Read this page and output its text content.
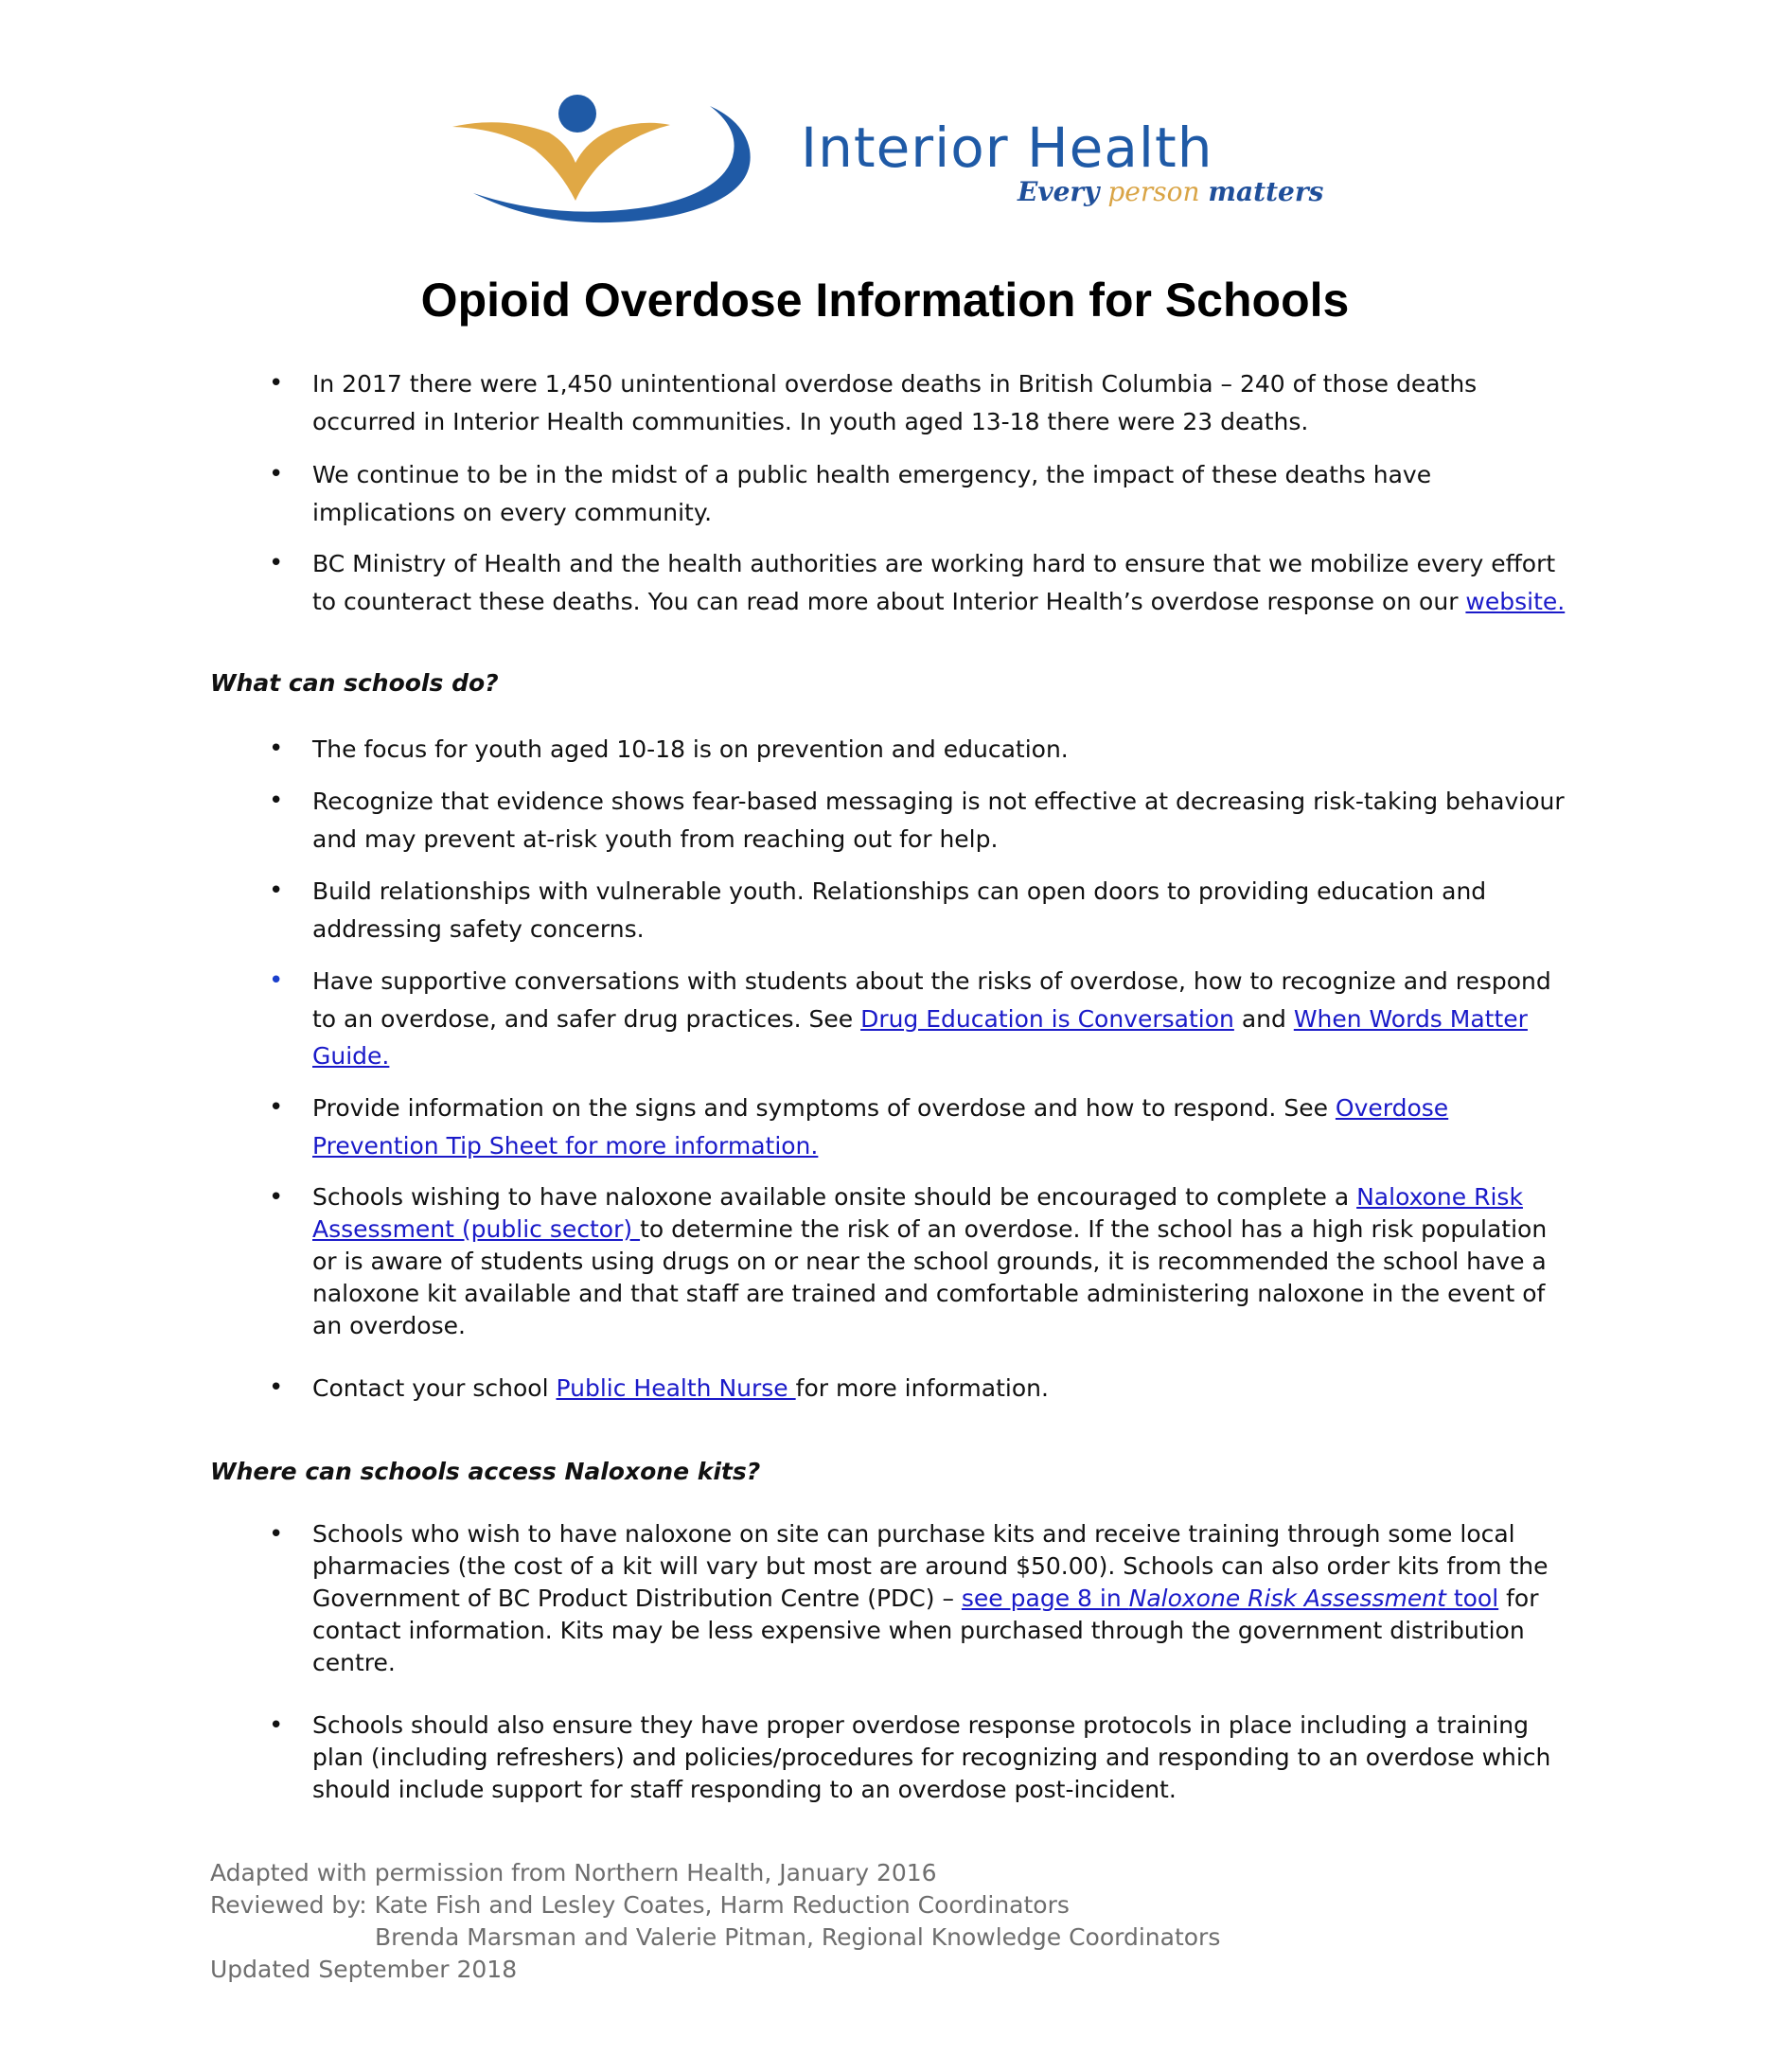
Interior Health
Every person matters
Opioid Overdose Information for Schools
• In 2017 there were 1,450 unintentional overdose deaths in British Columbia – 240 of those deaths occurred in Interior Health communities. In youth aged 13-18 there were 23 deaths.
• We continue to be in the midst of a public health emergency, the impact of these deaths have implications on every community.
• BC Ministry of Health and the health authorities are working hard to ensure that we mobilize every effort to counteract these deaths. You can read more about Interior Health’s overdose response on our website.
What can schools do?
• The focus for youth aged 10-18 is on prevention and education.
• Recognize that evidence shows fear-based messaging is not effective at decreasing risk-taking behaviour and may prevent at-risk youth from reaching out for help.
• Build relationships with vulnerable youth. Relationships can open doors to providing education and addressing safety concerns.
• Have supportive conversations with students about the risks of overdose, how to recognize and respond to an overdose, and safer drug practices. See Drug Education is Conversation and When Words Matter Guide.
• Provide information on the signs and symptoms of overdose and how to respond. See Overdose Prevention Tip Sheet for more information.
• Schools wishing to have naloxone available onsite should be encouraged to complete a Naloxone Risk Assessment (public sector) to determine the risk of an overdose. If the school has a high risk population or is aware of students using drugs on or near the school grounds, it is recommended the school have a naloxone kit available and that staff are trained and comfortable administering naloxone in the event of an overdose.
• Contact your school Public Health Nurse for more information.
Where can schools access Naloxone kits?
• Schools who wish to have naloxone on site can purchase kits and receive training through some local pharmacies (the cost of a kit will vary but most are around $50.00). Schools can also order kits from the Government of BC Product Distribution Centre (PDC) – see page 8 in Naloxone Risk Assessment tool for contact information. Kits may be less expensive when purchased through the government distribution centre.
• Schools should also ensure they have proper overdose response protocols in place including a training plan (including refreshers) and policies/procedures for recognizing and responding to an overdose which should include support for staff responding to an overdose post-incident.
Adapted with permission from Northern Health, January 2016
Reviewed by: Kate Fish and Lesley Coates, Harm Reduction Coordinators
Brenda Marsman and Valerie Pitman, Regional Knowledge Coordinators
Updated September 2018
